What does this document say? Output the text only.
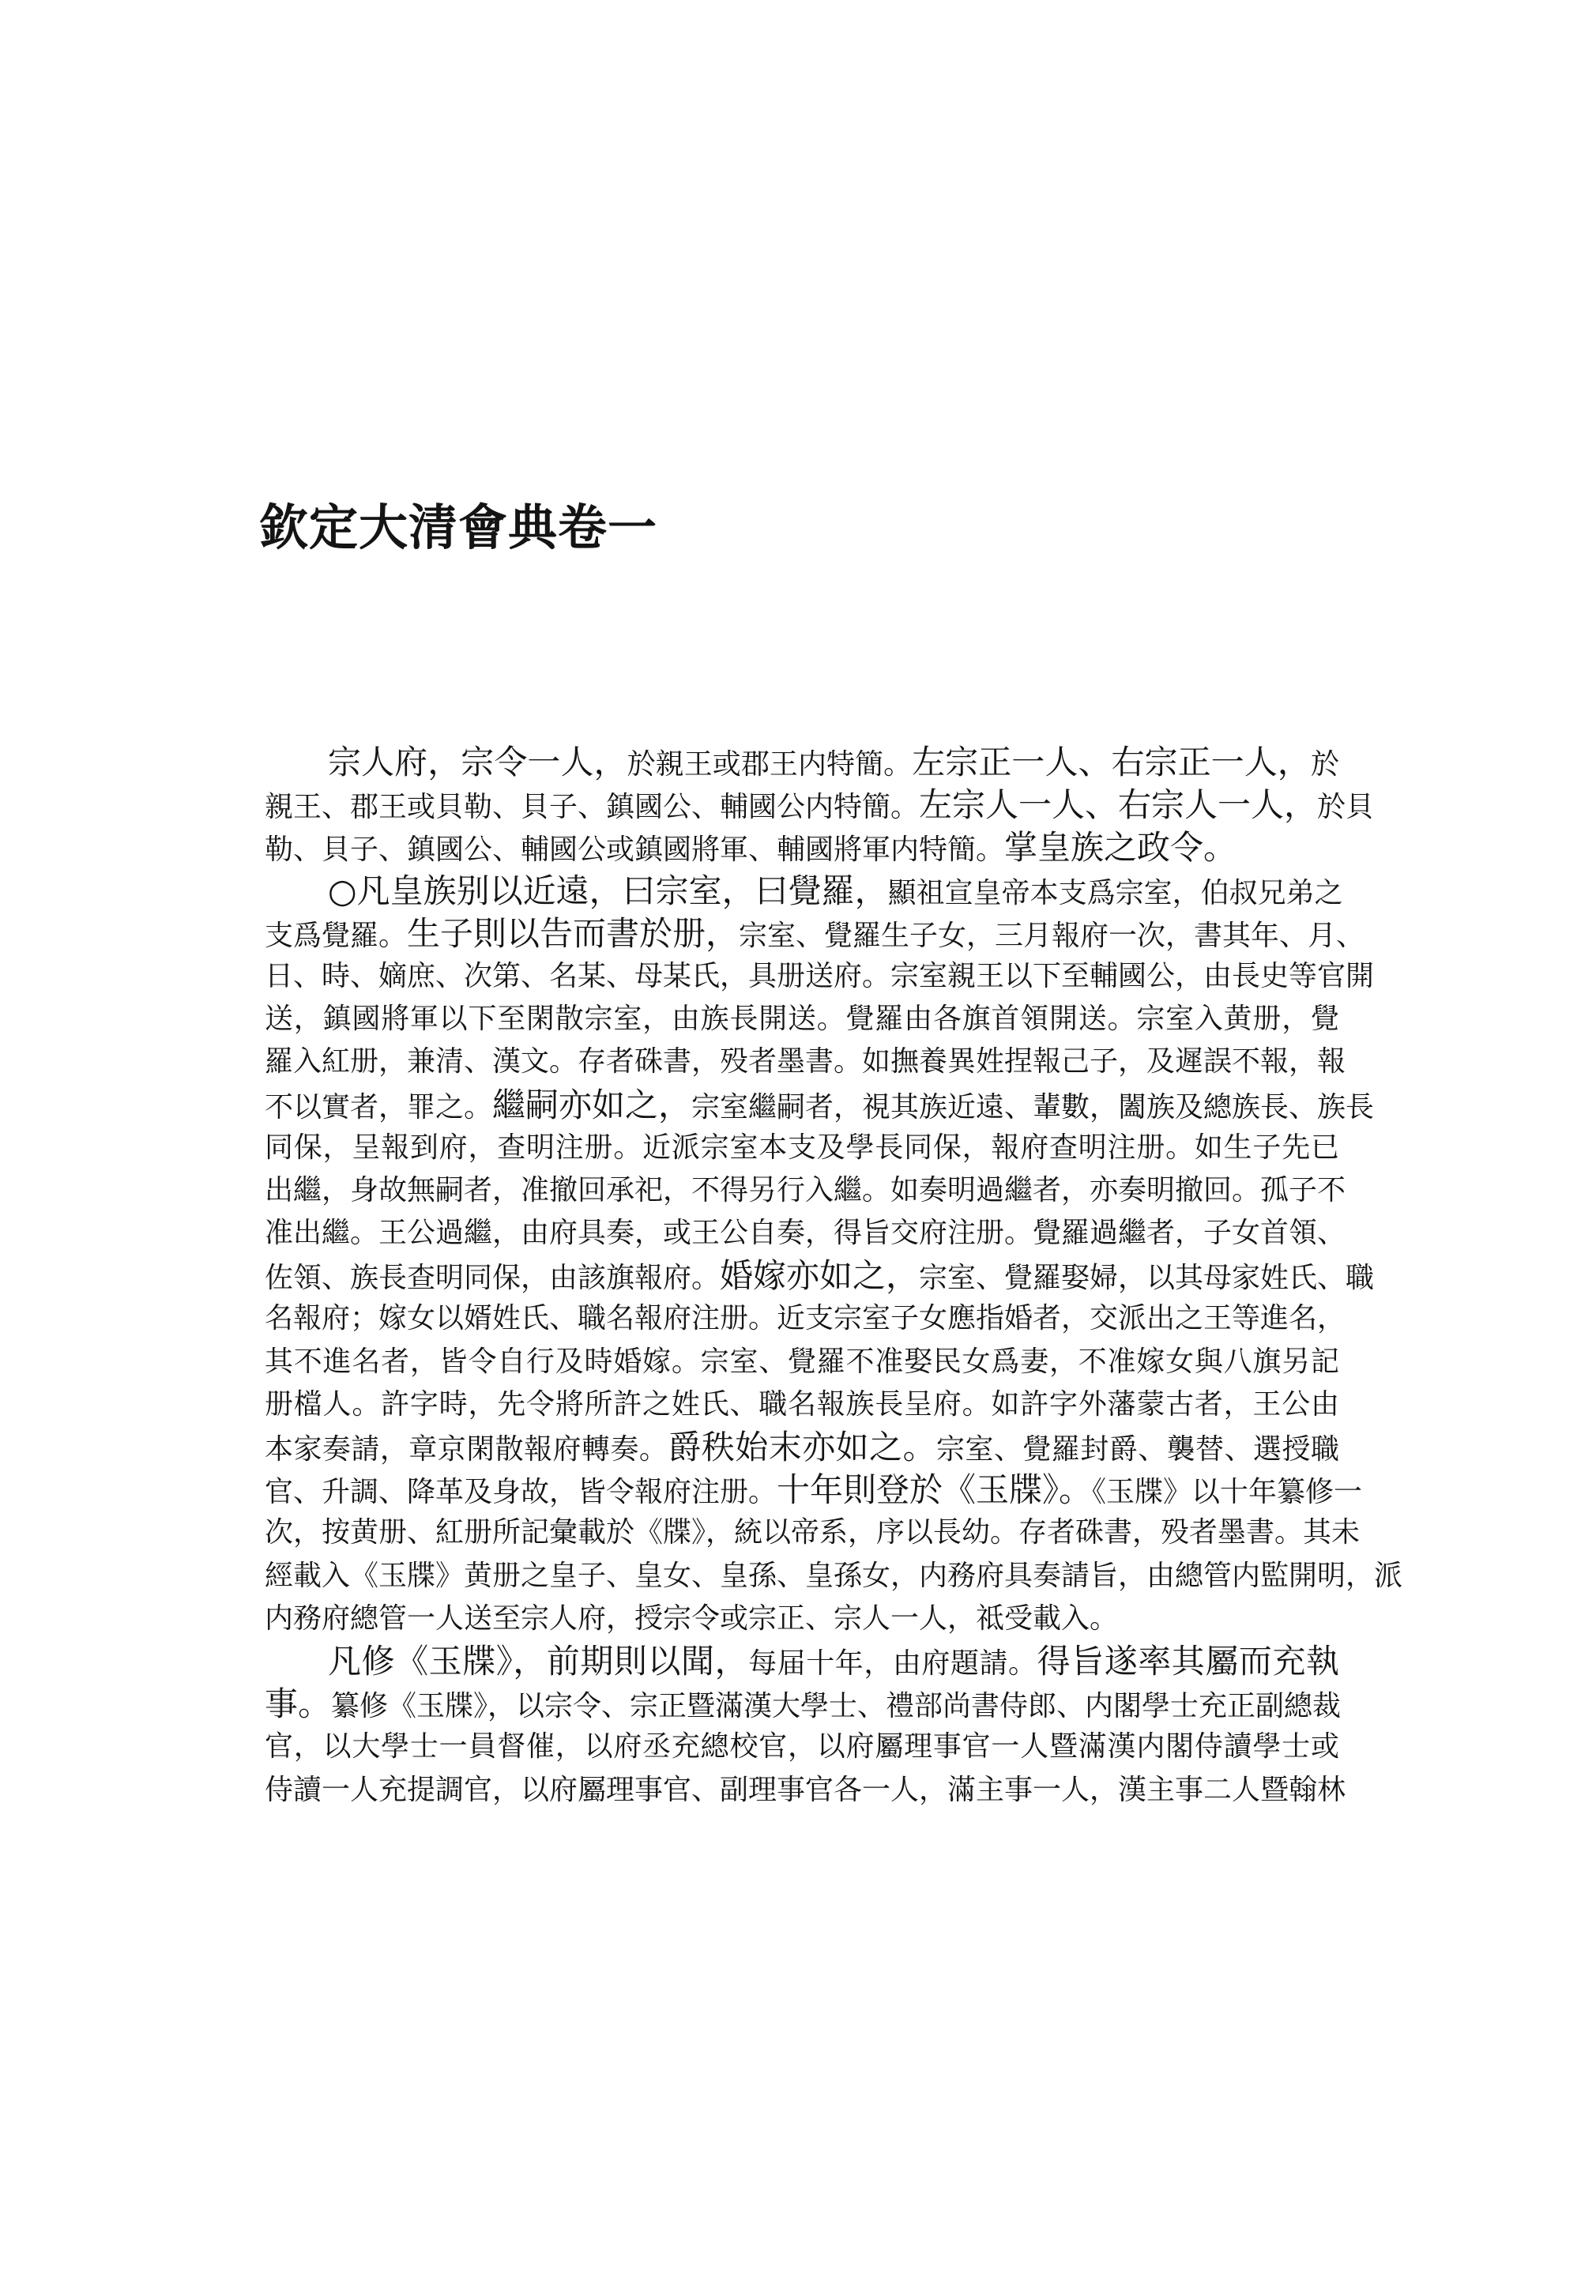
欽定大清會典卷一
宗人府，宗令一人，於親王或郡王内特簡。左宗正一人、右宗正一人，於
親王、郡王或貝勒、貝子、鎮國公、輔國公内特簡。左宗人一人、右宗人一人，於貝
勒、貝子、鎮國公、輔國公或鎮國將軍、輔國將軍内特簡。掌皇族之政令。
○凡皇族别以近遠，曰宗室，曰覺羅，顯祖宣皇帝本支爲宗室，伯叔兄弟之
支爲覺羅。生子則以告而書於册，宗室、覺羅生子女，三月報府一次，書其年、月、
日、時、嫡庶、次第、名某、母某氏，具册送府。宗室親王以下至輔國公，由長史等官開
送，鎮國將軍以下至閑散宗室，由族長開送。覺羅由各旗首領開送。宗室入黄册，覺
羅入紅册，兼清、漢文。存者硃書，殁者墨書。如撫養異姓捏報己子，及遲誤不報，報
不以實者，罪之。繼嗣亦如之，宗室繼嗣者，視其族近遠、輩數，闔族及總族長、族長
同保，呈報到府，查明注册。近派宗室本支及學長同保，報府查明注册。如生子先已
出繼，身故無嗣者，准撤回承祀，不得另行入繼。如奏明過繼者，亦奏明撤回。孤子不
准出繼。王公過繼，由府具奏，或王公自奏，得旨交府注册。覺羅過繼者，子女首領、
佐領、族長查明同保，由該旗報府。婚嫁亦如之，宗室、覺羅娶婦，以其母家姓氏、職
名報府；嫁女以婿姓氏、職名報府注册。近支宗室子女應指婚者，交派出之王等進名，
其不進名者，皆令自行及時婚嫁。宗室、覺羅不准娶民女爲妻，不准嫁女與八旗另記
册檔人。許字時，先令將所許之姓氏、職名報族長呈府。如許字外藩蒙古者，王公由
本家奏請，章京閑散報府轉奏。爵秩始末亦如之。宗室、覺羅封爵、襲替、選授職
官、升調、降革及身故，皆令報府注册。十年則登於《玉牒》。《玉牒》以十年纂修一
次，按黄册、紅册所記彙載於《牒》，統以帝系，序以長幼。存者硃書，殁者墨書。其未
經載入《玉牒》黄册之皇子、皇女、皇孫、皇孫女，内務府具奏請旨，由總管内監開明，派
内務府總管一人送至宗人府，授宗令或宗正、宗人一人，祗受載入。
凡修《玉牒》，前期則以聞，每届十年，由府題請。得旨遂率其屬而充執
事。纂修《玉牒》，以宗令、宗正暨滿漢大學士、禮部尚書侍郎、内閣學士充正副總裁
官，以大學士一員督催，以府丞充總校官，以府屬理事官一人暨滿漢内閣侍讀學士或
侍讀一人充提調官，以府屬理事官、副理事官各一人，滿主事一人，漢主事二人暨翰林
